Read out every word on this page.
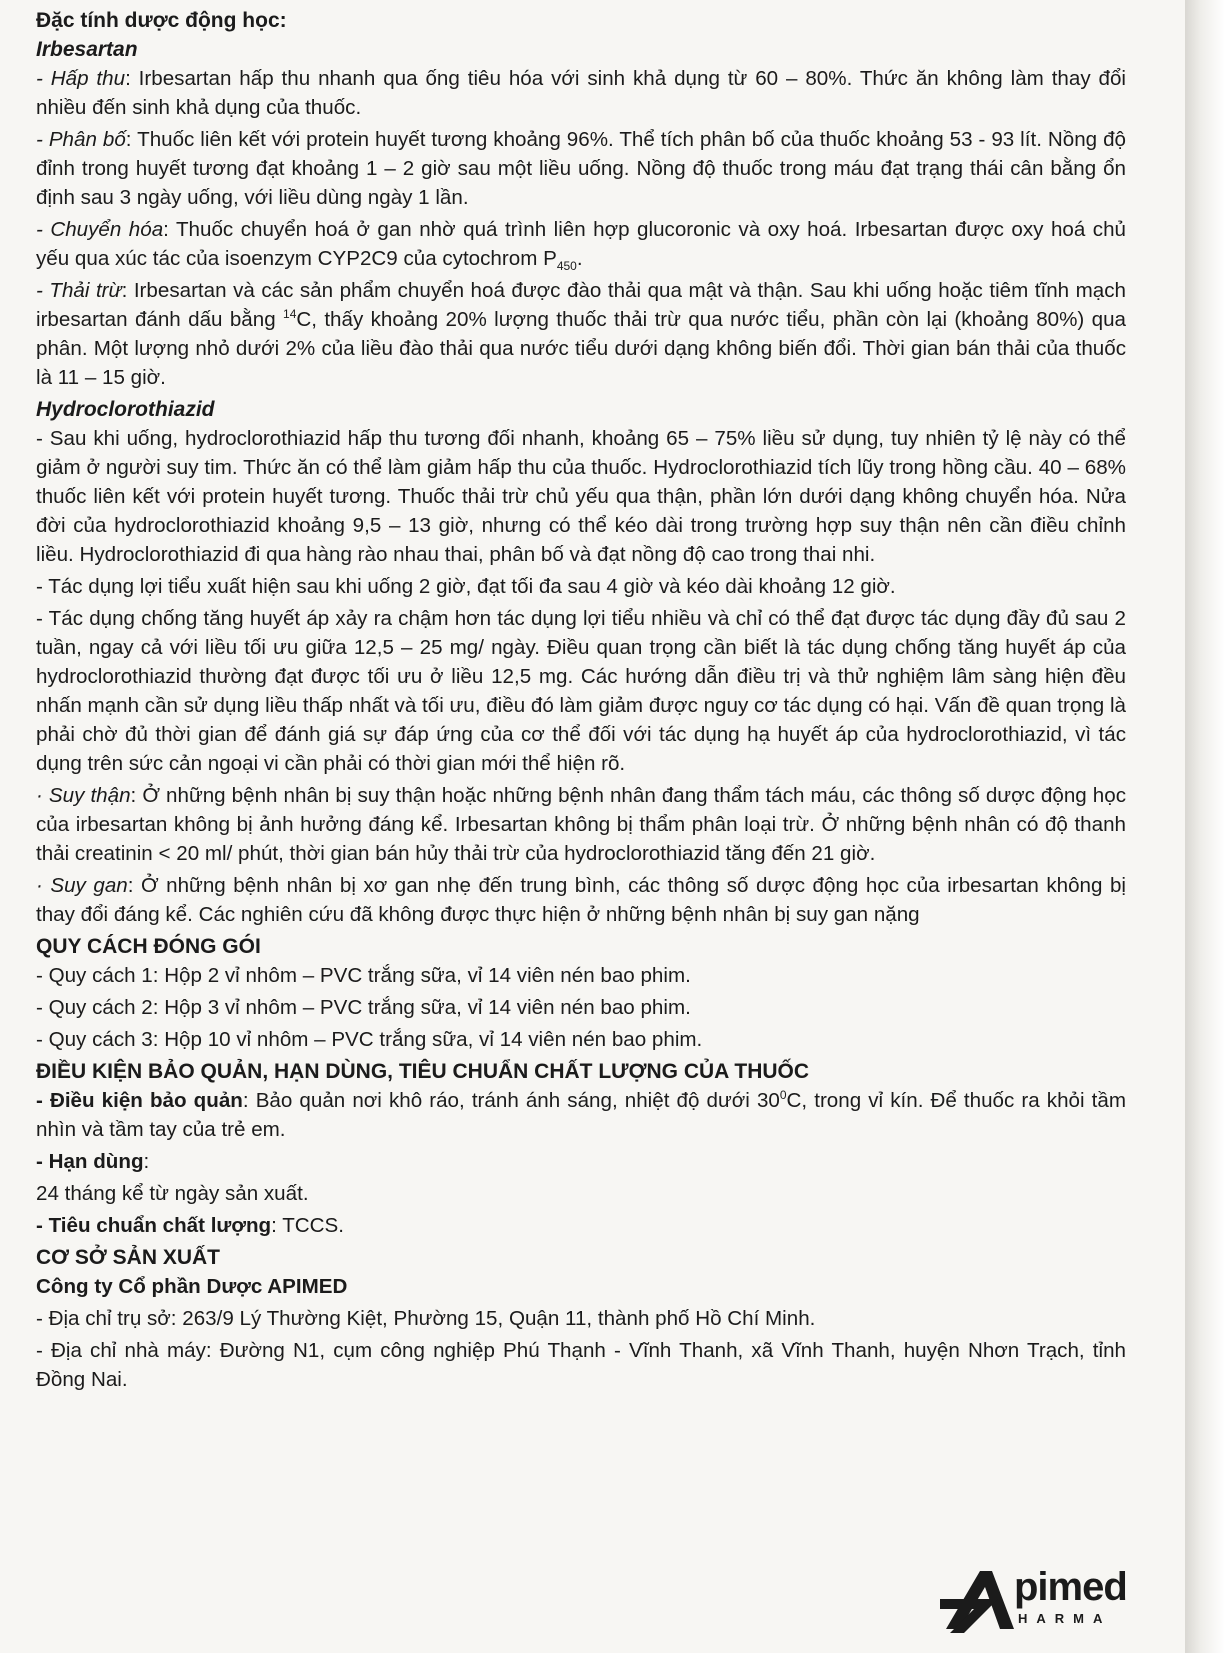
Đặc tính dược động học:
Irbesartan

- Hấp thu: Irbesartan hấp thu nhanh qua ống tiêu hóa với sinh khả dụng từ 60 – 80%. Thức ăn không làm thay đổi nhiều đến sinh khả dụng của thuốc.

- Phân bố: Thuốc liên kết với protein huyết tương khoảng 96%. Thể tích phân bố của thuốc khoảng 53 - 93 lít. Nồng độ đỉnh trong huyết tương đạt khoảng 1 – 2 giờ sau một liều uống. Nồng độ thuốc trong máu đạt trạng thái cân bằng ổn định sau 3 ngày uống, với liều dùng ngày 1 lần.

- Chuyển hóa: Thuốc chuyển hoá ở gan nhờ quá trình liên hợp glucoronic và oxy hoá. Irbesartan được oxy hoá chủ yếu qua xúc tác của isoenzym CYP2C9 của cytochrom $P_{450}$.

- Thải trừ: Irbesartan và các sản phẩm chuyển hoá được đào thải qua mật và thận. Sau khi uống hoặc tiêm tĩnh mạch irbesartan đánh dấu bằng $^{14}$C, thấy khoảng 20% lượng thuốc thải trừ qua nước tiểu, phần còn lại (khoảng 80%) qua phân. Một lượng nhỏ dưới 2% của liều đào thải qua nước tiểu dưới dạng không biến đổi. Thời gian bán thải của thuốc là 11 – 15 giờ.

Hydroclorothiazid

- Sau khi uống, hydroclorothiazid hấp thu tương đối nhanh, khoảng 65 – 75% liều sử dụng, tuy nhiên tỷ lệ này có thể giảm ở người suy tim. Thức ăn có thể làm giảm hấp thu của thuốc. Hydroclorothiazid tích lũy trong hồng cầu. 40 – 68% thuốc liên kết với protein huyết tương. Thuốc thải trừ chủ yếu qua thận, phần lớn dưới dạng không chuyển hóa. Nửa đời của hydroclorothiazid khoảng 9,5 – 13 giờ, nhưng có thể kéo dài trong trường hợp suy thận nên cần điều chỉnh liều. Hydroclorothiazid đi qua hàng rào nhau thai, phân bố và đạt nồng độ cao trong thai nhi.

- Tác dụng lợi tiểu xuất hiện sau khi uống 2 giờ, đạt tối đa sau 4 giờ và kéo dài khoảng 12 giờ.

- Tác dụng chống tăng huyết áp xảy ra chậm hơn tác dụng lợi tiểu nhiều và chỉ có thể đạt được tác dụng đầy đủ sau 2 tuần, ngay cả với liều tối ưu giữa 12,5 – 25 mg/ ngày. Điều quan trọng cần biết là tác dụng chống tăng huyết áp của hydroclorothiazid thường đạt được tối ưu ở liều 12,5 mg. Các hướng dẫn điều trị và thử nghiệm lâm sàng hiện đều nhấn mạnh cần sử dụng liều thấp nhất và tối ưu, điều đó làm giảm được nguy cơ tác dụng có hại. Vấn đề quan trọng là phải chờ đủ thời gian để đánh giá sự đáp ứng của cơ thể đối với tác dụng hạ huyết áp của hydroclorothiazid, vì tác dụng trên sức cản ngoại vi cần phải có thời gian mới thể hiện rõ.

· Suy thận: Ở những bệnh nhân bị suy thận hoặc những bệnh nhân đang thẩm tách máu, các thông số dược động học của irbesartan không bị ảnh hưởng đáng kể. Irbesartan không bị thẩm phân loại trừ. Ở những bệnh nhân có độ thanh thải creatinin < 20 ml/ phút, thời gian bán hủy thải trừ của hydroclorothiazid tăng đến 21 giờ.

· Suy gan: Ở những bệnh nhân bị xơ gan nhẹ đến trung bình, các thông số dược động học của irbesartan không bị thay đổi đáng kể. Các nghiên cứu đã không được thực hiện ở những bệnh nhân bị suy gan nặng

QUY CÁCH ĐÓNG GÓI

- Quy cách 1: Hộp 2 vỉ nhôm – PVC trắng sữa, vỉ 14 viên nén bao phim.

- Quy cách 2: Hộp 3 vỉ nhôm – PVC trắng sữa, vỉ 14 viên nén bao phim.

- Quy cách 3: Hộp 10 vỉ nhôm – PVC trắng sữa, vỉ 14 viên nén bao phim.

ĐIỀU KIỆN BẢO QUẢN, HẠN DÙNG, TIÊU CHUẨN CHẤT LƯỢNG CỦA THUỐC

- Điều kiện bảo quản: Bảo quản nơi khô ráo, tránh ánh sáng, nhiệt độ dưới $30^0C$, trong vỉ kín. Để thuốc ra khỏi tầm nhìn và tầm tay của trẻ em.

- Hạn dùng:

24 tháng kể từ ngày sản xuất.

- Tiêu chuẩn chất lượng: TCCS.

CƠ SỞ SẢN XUẤT

Công ty Cổ phần Dược APIMED

- Địa chỉ trụ sở: 263/9 Lý Thường Kiệt, Phường 15, Quận 11, thành phố Hồ Chí Minh.

- Địa chỉ nhà máy: Đường N1, cụm công nghiệp Phú Thạnh - Vĩnh Thanh, xã Vĩnh Thanh, huyện Nhơn Trạch, tỉnh Đồng Nai.

pimed
HARMA
